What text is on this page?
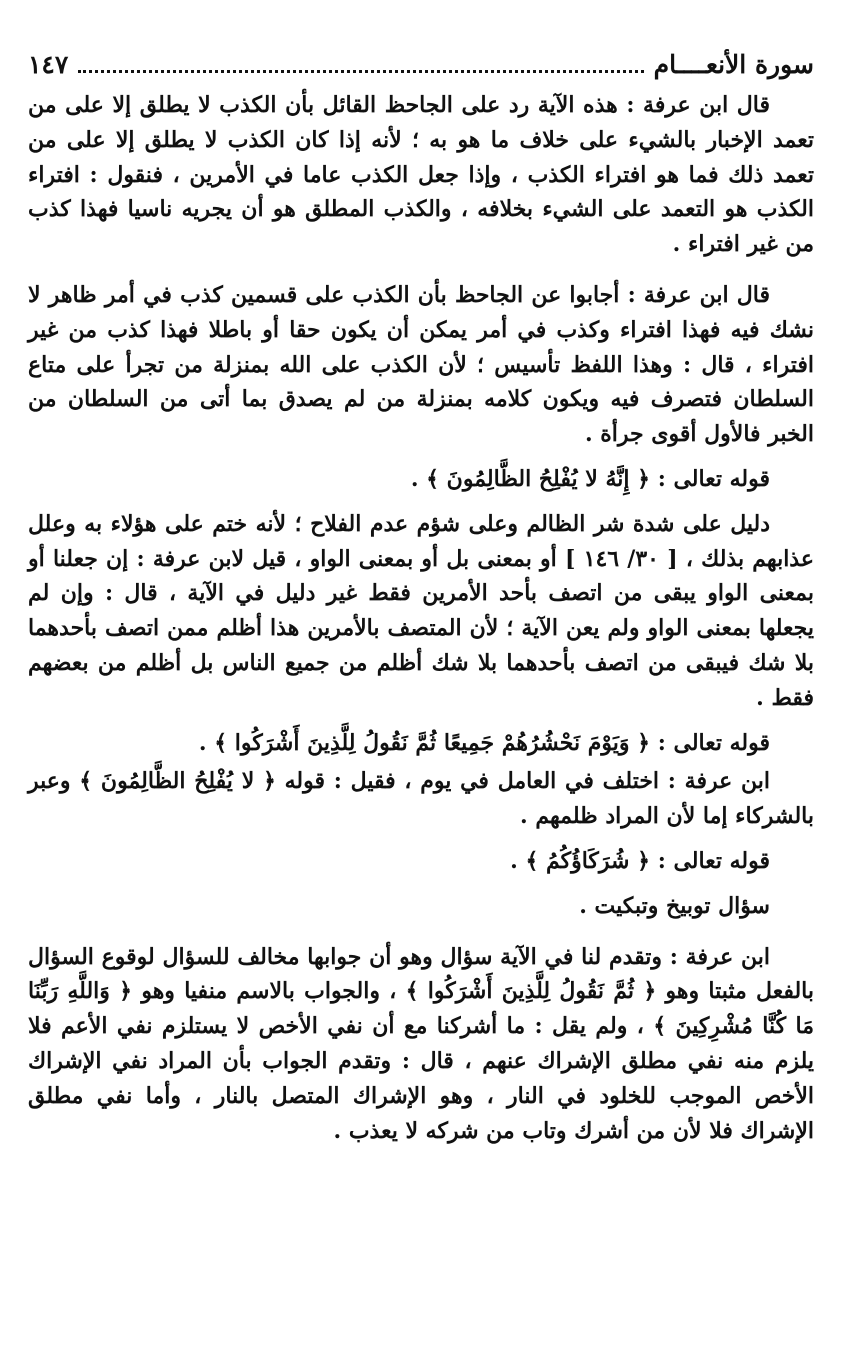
سورة الأنعــــام
١٤٧

قال ابن عرفة : هذه الآية رد على الجاحظ القائل بأن الكذب لا يطلق إلا على من تعمد الإخبار بالشيء على خلاف ما هو به ؛ لأنه إذا كان الكذب لا يطلق إلا على من تعمد ذلك فما هو افتراء الكذب ، وإذا جعل الكذب عاما في الأمرين ، فنقول : افتراء الكذب هو التعمد على الشيء بخلافه ، والكذب المطلق هو أن يجريه ناسيا فهذا كذب من غير افتراء .

قال ابن عرفة : أجابوا عن الجاحظ بأن الكذب على قسمين كذب في أمر ظاهر لا نشك فيه فهذا افتراء وكذب في أمر يمكن أن يكون حقا أو باطلا فهذا كذب من غير افتراء ، قال : وهذا اللفظ تأسيس ؛ لأن الكذب على الله بمنزلة من تجرأ على متاع السلطان فتصرف فيه ويكون كلامه بمنزلة من لم يصدق بما أتى من السلطان من الخبر فالأول أقوى جرأة .

قوله تعالى : ﴿ إِنَّهُ لا يُفْلِحُ الظَّالِمُونَ ﴾ .

دليل على شدة شر الظالم وعلى شؤم عدم الفلاح ؛ لأنه ختم على هؤلاء به وعلل عذابهم بذلك ، [ ٣٠/ ١٤٦ ] أو بمعنى بل أو بمعنى الواو ، قيل لابن عرفة : إن جعلنا أو بمعنى الواو يبقى من اتصف بأحد الأمرين فقط غير دليل في الآية ، قال : وإن لم يجعلها بمعنى الواو ولم يعن الآية ؛ لأن المتصف بالأمرين هذا أظلم ممن اتصف بأحدهما بلا شك فيبقى من اتصف بأحدهما بلا شك أظلم من جميع الناس بل أظلم من بعضهم فقط .

قوله تعالى : ﴿ وَيَوْمَ نَحْشُرُهُمْ جَمِيعًا ثُمَّ نَقُولُ لِلَّذِينَ أَشْرَكُوا ﴾ .

ابن عرفة : اختلف في العامل في يوم ، فقيل : قوله ﴿ لا يُفْلِحُ الظَّالِمُونَ ﴾ وعبر بالشركاء إما لأن المراد ظلمهم .

قوله تعالى : ﴿ شُرَكَاؤُكُمُ ﴾ .

سؤال توبيخ وتبكيت .

ابن عرفة : وتقدم لنا في الآية سؤال وهو أن جوابها مخالف للسؤال لوقوع السؤال بالفعل مثبتا وهو ﴿ ثُمَّ نَقُولُ لِلَّذِينَ أَشْرَكُوا ﴾ ، والجواب بالاسم منفيا وهو ﴿ وَاللَّهِ رَبِّنَا مَا كُنَّا مُشْرِكِينَ ﴾ ، ولم يقل : ما أشركنا مع أن نفي الأخص لا يستلزم نفي الأعم فلا يلزم منه نفي مطلق الإشراك عنهم ، قال : وتقدم الجواب بأن المراد نفي الإشراك الأخص الموجب للخلود في النار ، وهو الإشراك المتصل بالنار ، وأما نفي مطلق الإشراك فلا لأن من أشرك وتاب من شركه لا يعذب .
